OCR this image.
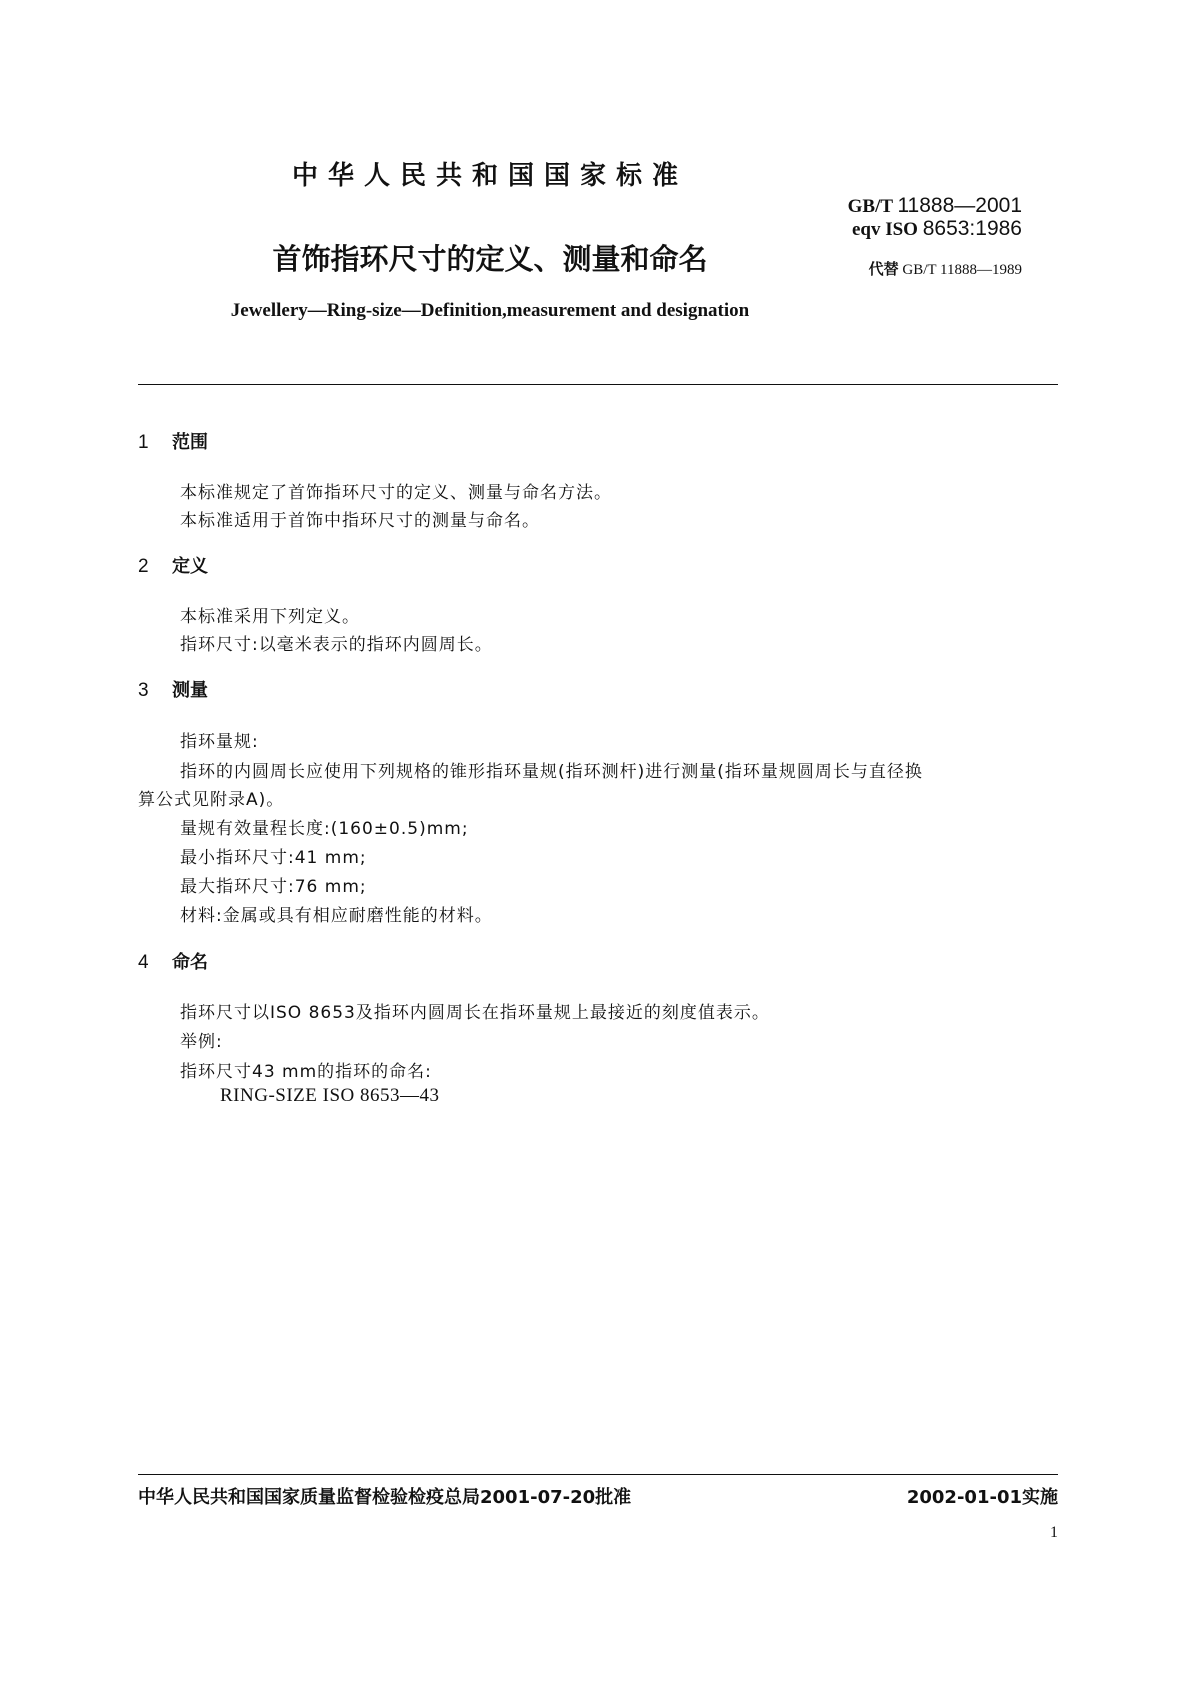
中华人民共和国国家标准
GB/T 11888—2001
eqv ISO 8653:1986
代替 GB/T 11888—1989
首饰指环尺寸的定义、测量和命名
Jewellery—Ring-size—Definition,measurement and designation
1 范围
本标准规定了首饰指环尺寸的定义、测量与命名方法。
本标准适用于首饰中指环尺寸的测量与命名。
2 定义
本标准采用下列定义。
指环尺寸:以毫米表示的指环内圆周长。
3 测量
指环量规:
指环的内圆周长应使用下列规格的锥形指环量规(指环测杆)进行测量(指环量规圆周长与直径换
算公式见附录A)。
量规有效量程长度:(160±0.5)mm;
最小指环尺寸:41 mm;
最大指环尺寸:76 mm;
材料:金属或具有相应耐磨性能的材料。
4 命名
指环尺寸以ISO 8653及指环内圆周长在指环量规上最接近的刻度值表示。
举例:
指环尺寸43 mm的指环的命名:
RING-SIZE ISO 8653—43
中华人民共和国国家质量监督检验检疫总局2001-07-20批准	2002-01-01实施
1
